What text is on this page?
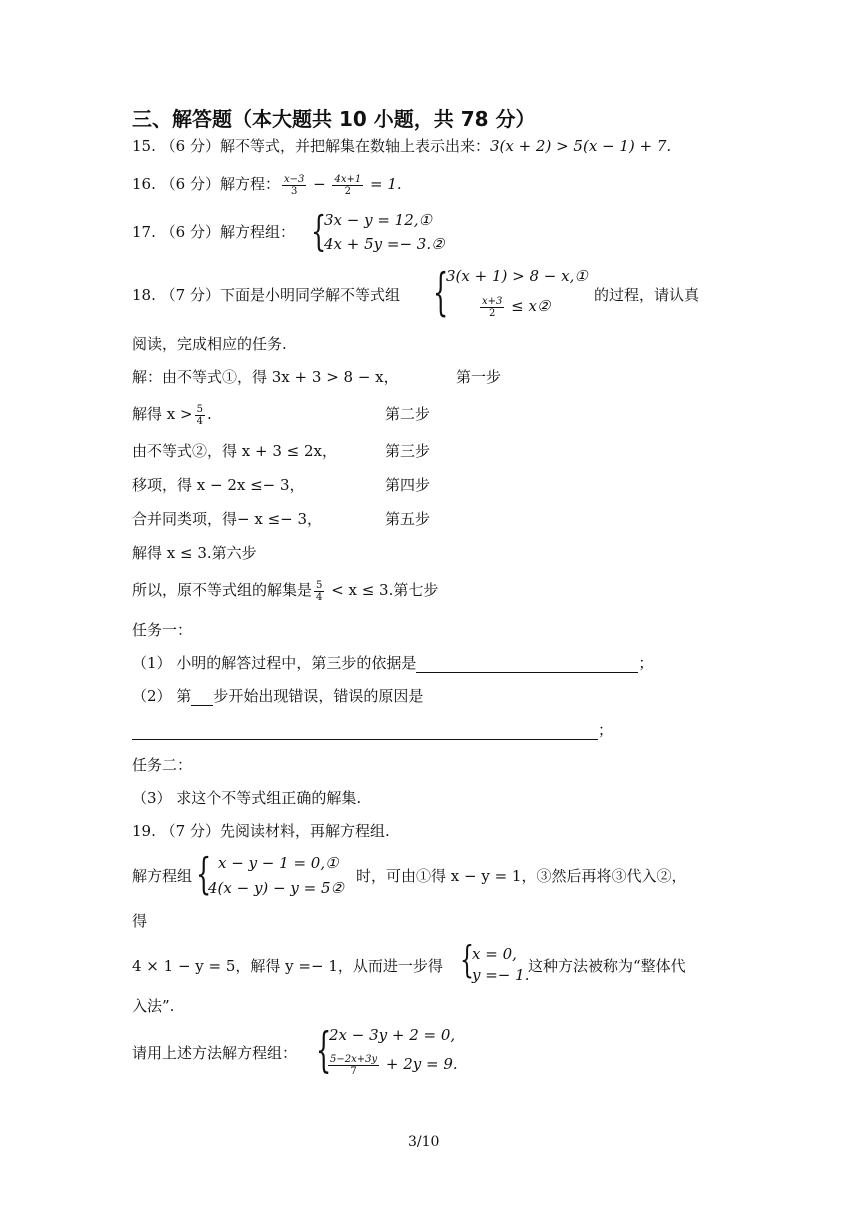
三、解答题（本大题共 10 小题，共 78 分）
15. （6 分）解不等式，并把解集在数轴上表示出来：3(x + 2) > 5(x − 1) + 7.
16. （6 分）解方程： $\frac{x-3}{3} - \frac{4x+1}{2} = 1$.
17. （6 分）解方程组： {
3x − y = 12,①
4x + 5y =− 3.②
18. （7 分）下面是小明同学解不等式组 {
3(x + 1) > 8 − x,①
$\frac{x+3}{2}$ ≤ x②
的过程，请认真
阅读，完成相应的任务.
解：由不等式①，得 3x + 3 > 8 − x，	第一步
解得 $x > \frac{5}{4}$ .	第二步
由不等式②，得 x + 3 ≤ 2x，	第三步
移项，得 x − 2x ≤− 3，	第四步
合并同类项，得− x ≤− 3，	第五步
解得 x ≤ 3.第六步
所以，原不等式组的解集是 $\frac{5}{4} < x \le 3$.第七步
任务一：
（1） 小明的解答过程中，第三步的依据是	；
（2） 第 步开始出现错误，错误的原因是
；
任务二：
（3） 求这个不等式组正确的解集.
19. （7 分）先阅读材料，再解方程组.
解方程组 { x − y − 1 = 0,①
4(x − y) − y = 5②
时，可由①得 x − y = 1，③然后再将③代入②，
得
4 × 1 − y = 5，解得 y =− 1，从而进一步得 {
x = 0,
y =− 1.
这种方法被称为“整体代
入法”.
请用上述方法解方程组： {
2x − 3y + 2 = 0,
$\frac{5-2x+3y}{7} + 2y = 9$.
3/10
